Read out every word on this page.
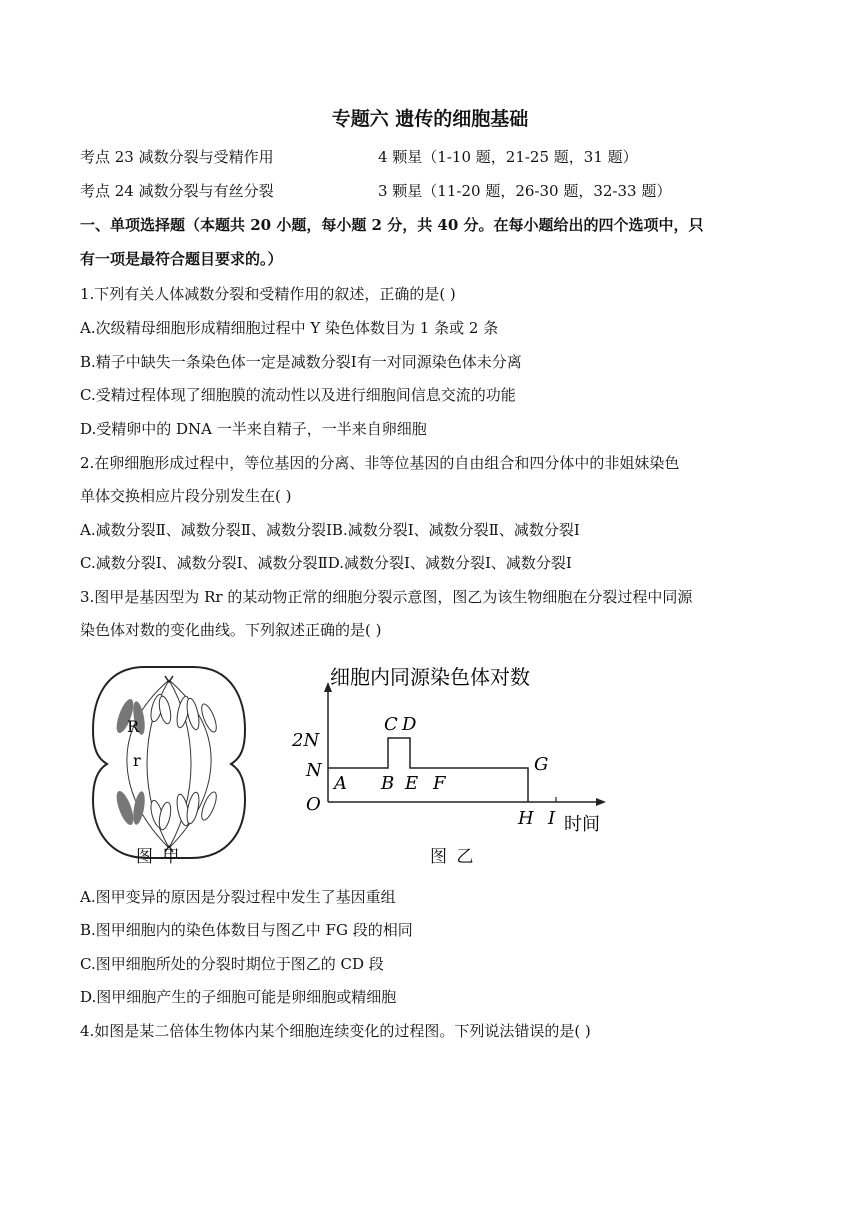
专题六 遗传的细胞基础
考点 23 减数分裂与受精作用	4 颗星（1-10 题，21-25 题，31 题）
考点 24 减数分裂与有丝分裂	3 颗星（11-20 题，26-30 题，32-33 题）
一、单项选择题（本题共 20 小题，每小题 2 分，共 40 分。在每小题给出的四个选项中，只
有一项是最符合题目要求的。）
1.下列有关人体减数分裂和受精作用的叙述，正确的是( )
A.次级精母细胞形成精细胞过程中 Y 染色体数目为 1 条或 2 条
B.精子中缺失一条染色体一定是减数分裂Ⅰ有一对同源染色体未分离
C.受精过程体现了细胞膜的流动性以及进行细胞间信息交流的功能
D.受精卵中的 DNA 一半来自精子，一半来自卵细胞
2.在卵细胞形成过程中，等位基因的分离、非等位基因的自由组合和四分体中的非姐妹染色
单体交换相应片段分别发生在( )
A.减数分裂Ⅱ、减数分裂Ⅱ、减数分裂ⅠB.减数分裂Ⅰ、减数分裂Ⅱ、减数分裂Ⅰ
C.减数分裂Ⅰ、减数分裂Ⅰ、减数分裂ⅡD.减数分裂Ⅰ、减数分裂Ⅰ、减数分裂Ⅰ
3.图甲是基因型为 Rr 的某动物正常的细胞分裂示意图，图乙为该生物细胞在分裂过程中同源
染色体对数的变化曲线。下列叙述正确的是( )
R
r
图 甲
细胞内同源染色体对数
2N
N
O
A B
C D
E F
G
H I 时间
图 乙
A.图甲变异的原因是分裂过程中发生了基因重组
B.图甲细胞内的染色体数目与图乙中 FG 段的相同
C.图甲细胞所处的分裂时期位于图乙的 CD 段
D.图甲细胞产生的子细胞可能是卵细胞或精细胞
4.如图是某二倍体生物体内某个细胞连续变化的过程图。下列说法错误的是( )
